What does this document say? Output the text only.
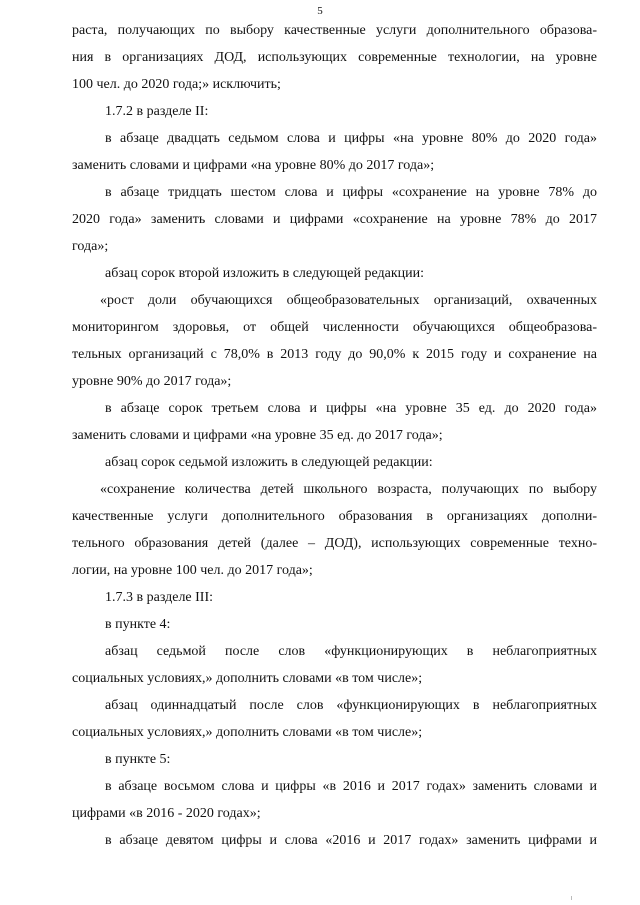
5

раста, получающих по выбору качественные услуги дополнительного образова-

ния в организациях ДОД, использующих современные технологии, на уровне

100 чел. до 2020 года;» исключить;

1.7.2 в разделе II:

в абзаце двадцать седьмом слова и цифры «на уровне 80% до 2020 года»

заменить словами и цифрами «на уровне 80% до 2017 года»;

в абзаце тридцать шестом слова и цифры «сохранение на уровне 78% до

2020 года» заменить словами и цифрами «сохранение на уровне 78% до 2017

года»;

абзац сорок второй изложить в следующей редакции:

«рост доли обучающихся общеобразовательных организаций, охваченных

мониторингом здоровья, от общей численности обучающихся общеобразова-

тельных организаций с 78,0% в 2013 году до 90,0% к 2015 году и сохранение на

уровне 90% до 2017 года»;

в абзаце сорок третьем слова и цифры «на уровне 35 ед. до 2020 года»

заменить словами и цифрами «на уровне 35 ед. до 2017 года»;

абзац сорок седьмой изложить в следующей редакции:

«сохранение количества детей школьного возраста, получающих по выбору

качественные услуги дополнительного образования в организациях дополни-

тельного образования детей (далее – ДОД), использующих современные техно-

логии, на уровне 100 чел. до 2017 года»;

1.7.3 в разделе III:

в пункте 4:

абзац седьмой после слов «функционирующих в неблагоприятных

социальных условиях,» дополнить словами «в том числе»;

абзац одиннадцатый после слов «функционирующих в неблагоприятных

социальных условиях,» дополнить словами «в том числе»;

в пункте 5:

в абзаце восьмом слова и цифры «в 2016 и 2017 годах» заменить словами и

цифрами «в 2016 - 2020 годах»;

в абзаце девятом цифры и слова «2016 и 2017 годах» заменить цифрами и
